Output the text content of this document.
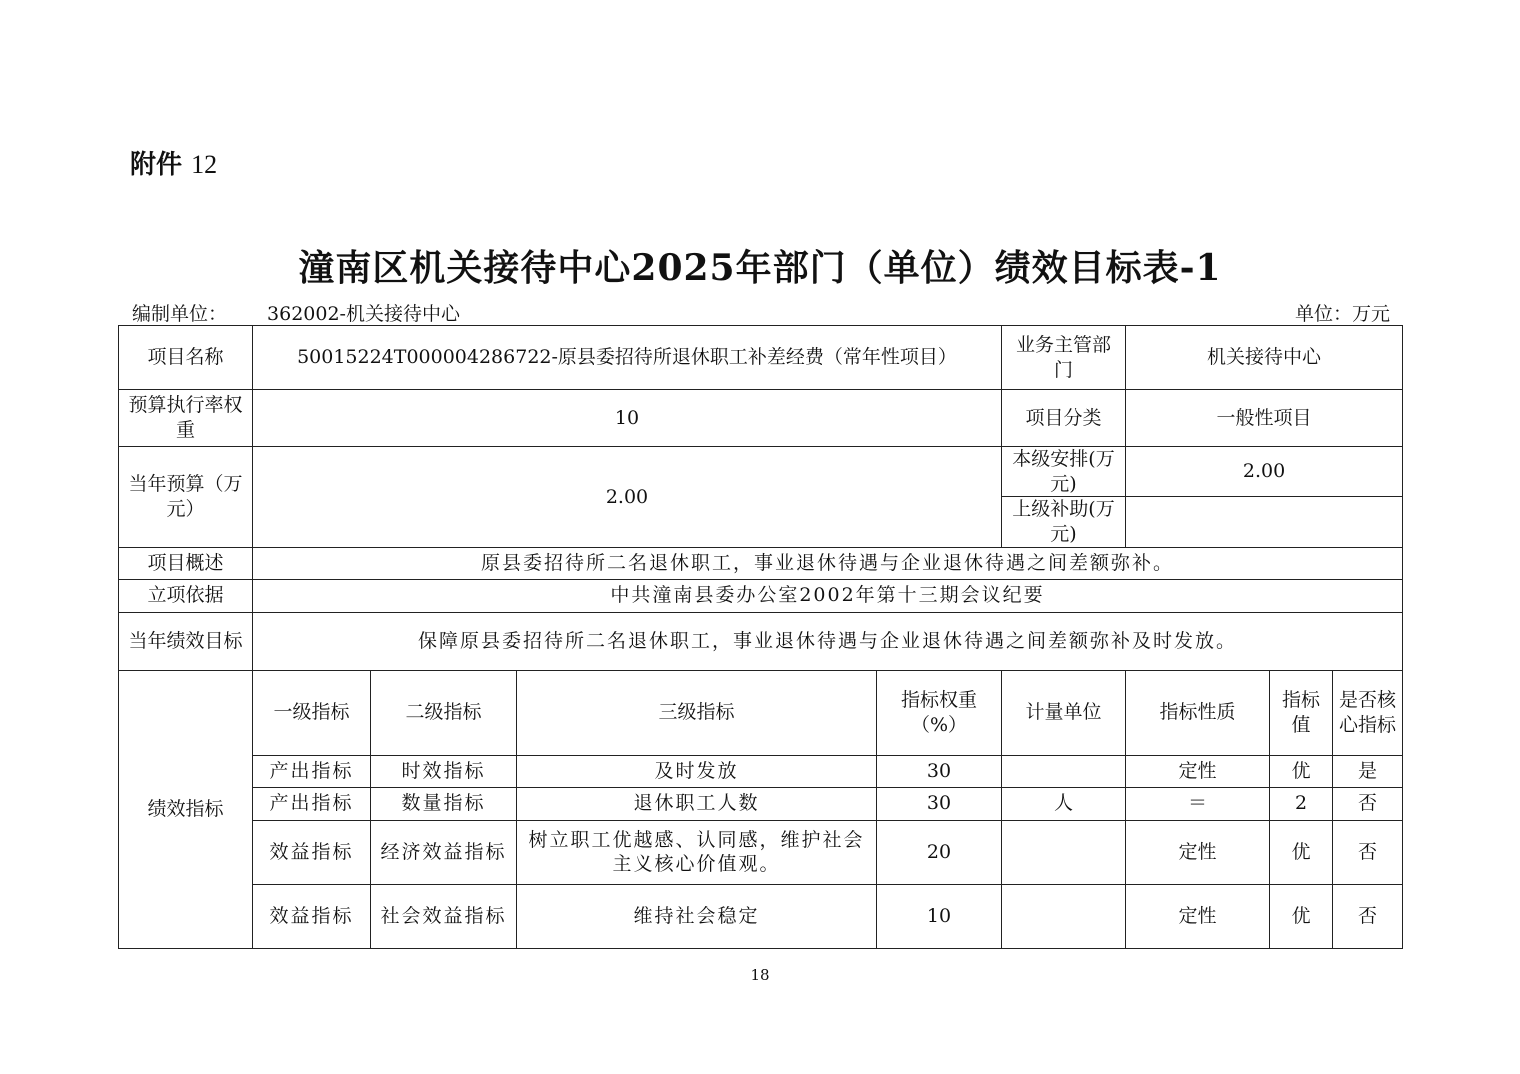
附件 12
潼南区机关接待中心2025年部门（单位）绩效目标表-1
编制单位： 362002-机关接待中心	单位：万元
项目名称	50015224T000004286722-原县委招待所退休职工补差经费（常年性项目）				业务主管部门	机关接待中心		
预算执行率权重	10				项目分类	一般性项目		
当年预算（万元）	2.00				本级安排(万元)	2.00		
					上级补助(万元)			
项目概述	原县委招待所二名退休职工，事业退休待遇与企业退休待遇之间差额弥补。							
立项依据	中共潼南县委办公室2002年第十三期会议纪要							
当年绩效目标	保障原县委招待所二名退休职工，事业退休待遇与企业退休待遇之间差额弥补及时发放。							
绩效指标	一级指标	二级指标	三级指标	指标权重（%）	计量单位	指标性质	指标值	是否核心指标
	产出指标	时效指标	及时发放	30		定性	优	是
	产出指标	数量指标	退休职工人数	30	人	＝	2	否
	效益指标	经济效益指标	树立职工优越感、认同感，维护社会主义核心价值观。	20		定性	优	否
	效益指标	社会效益指标	维持社会稳定	10		定性	优	否
18
